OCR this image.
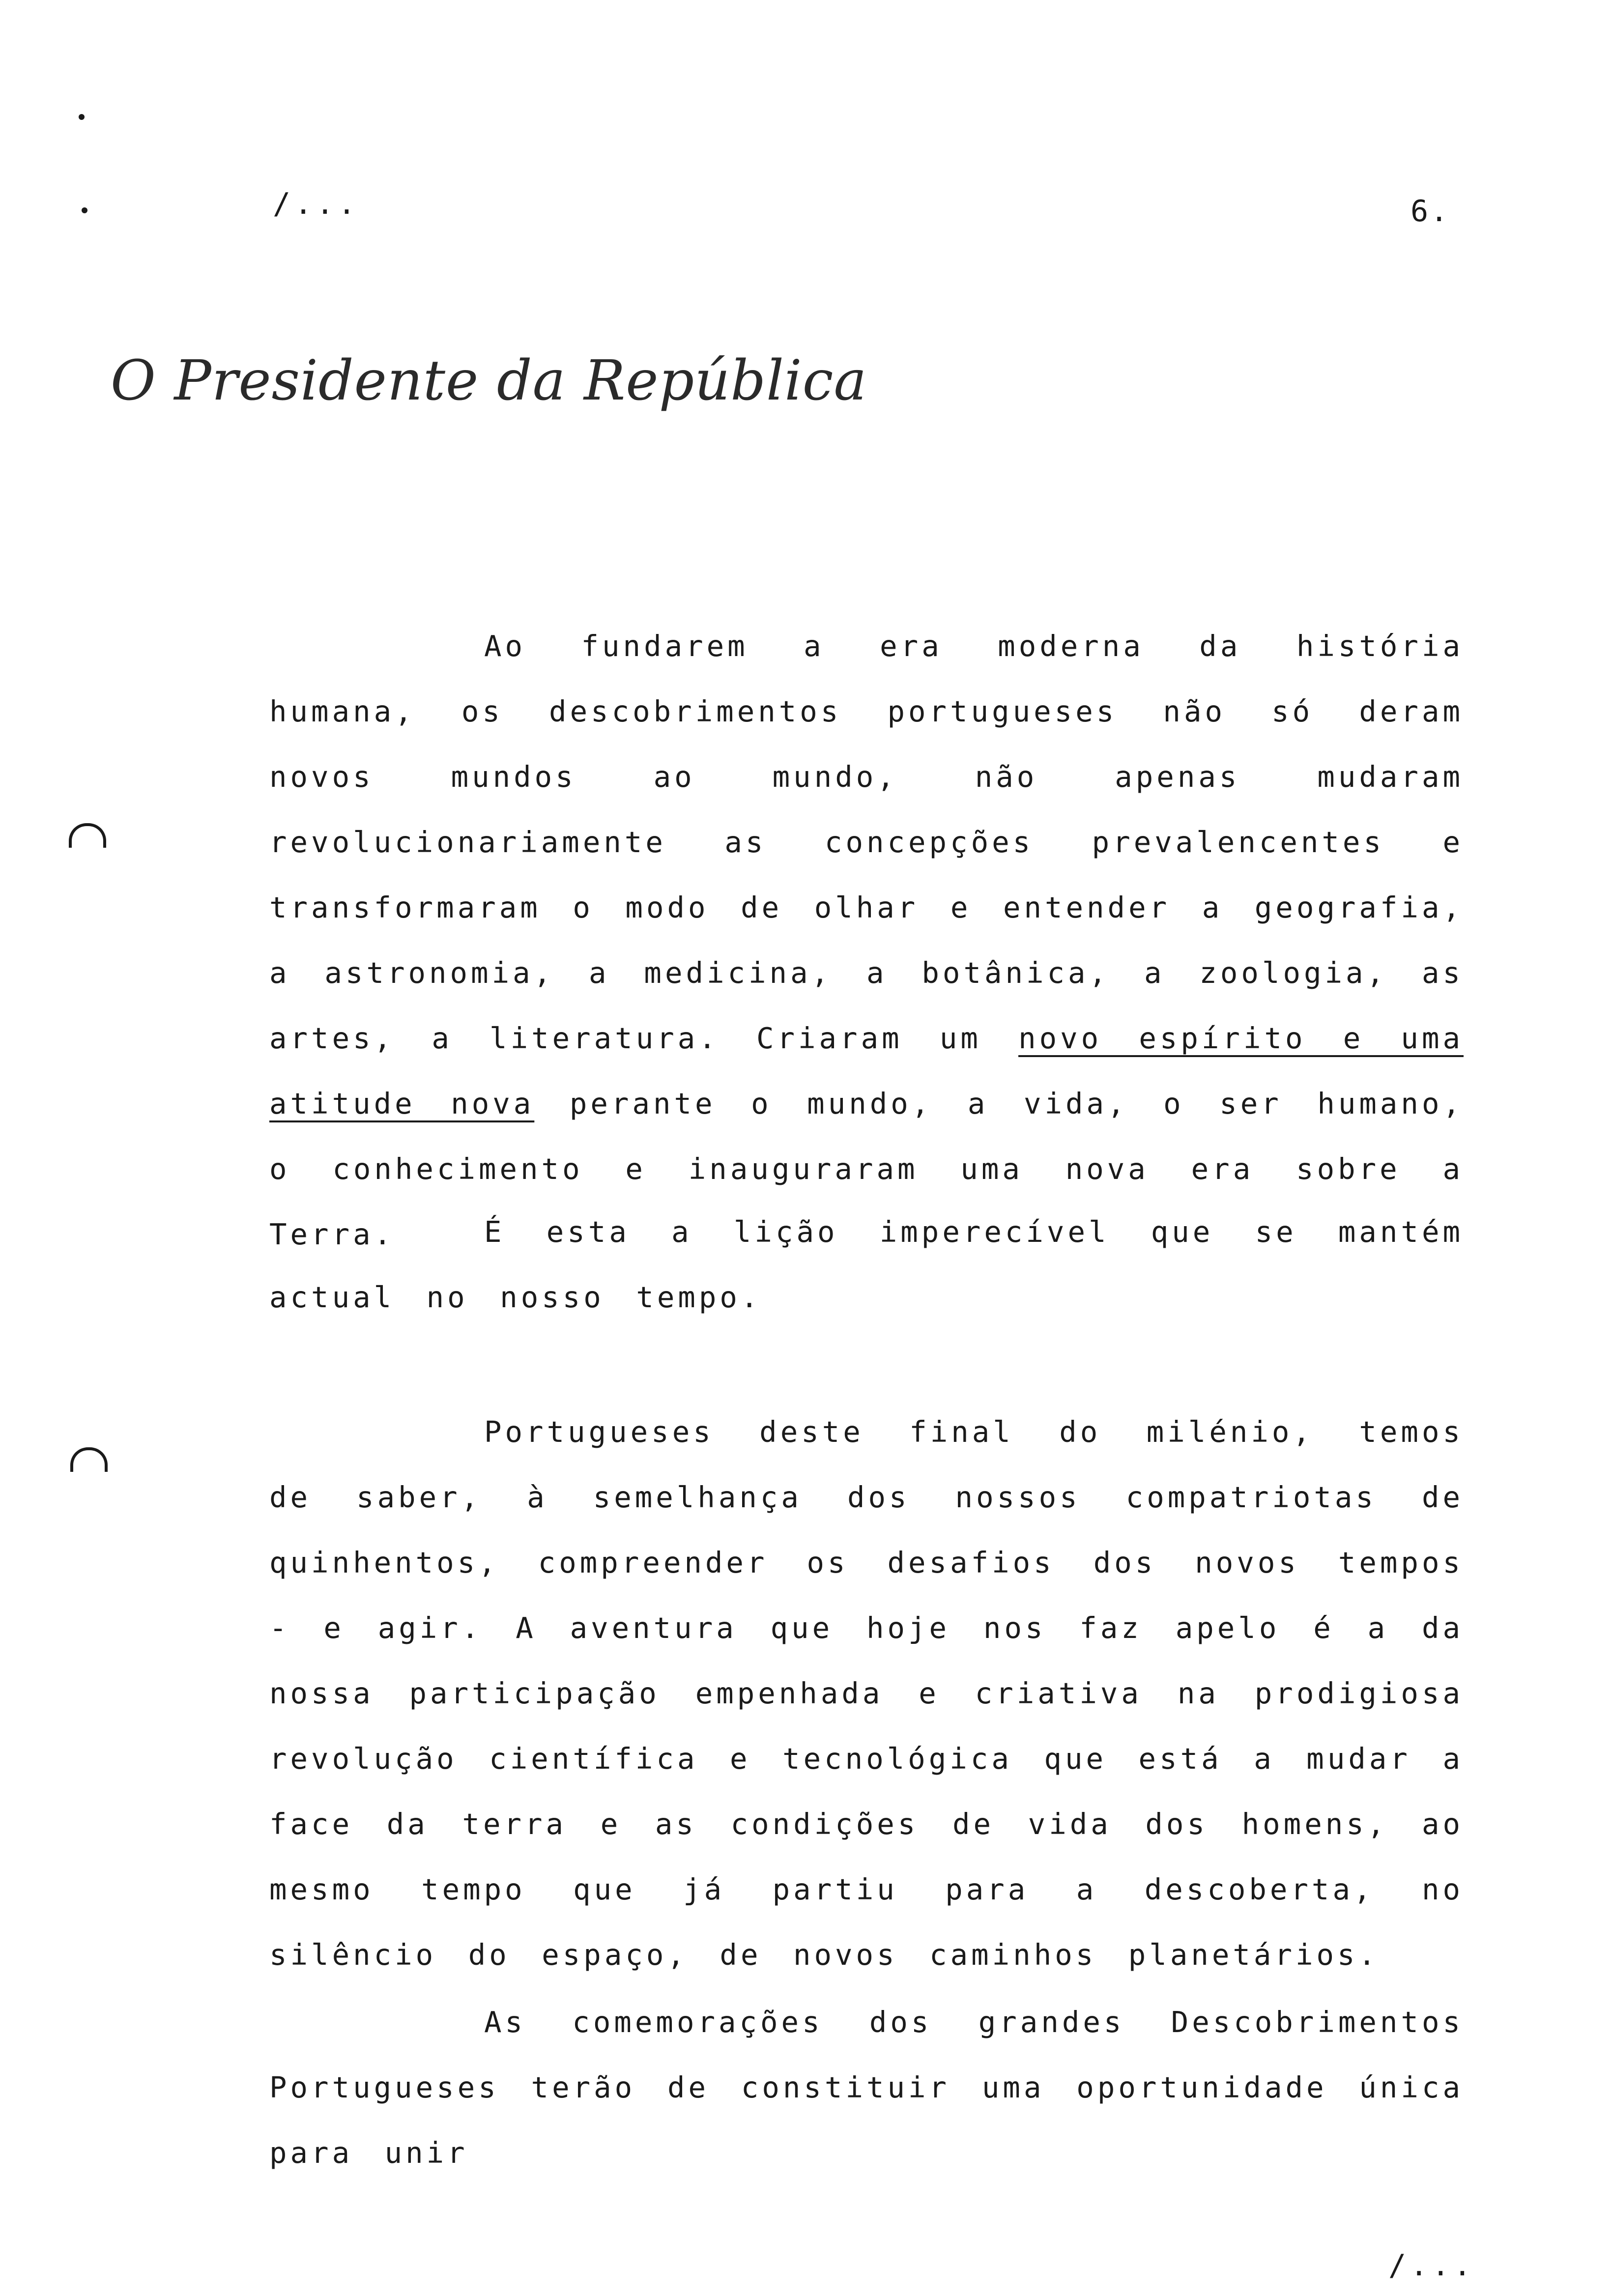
/...	6.
O Presidente da República

Ao fundarem a era moderna da história humana, os descobrimentos portugueses não só deram novos mundos ao mundo, não apenas mudaram revolucionariamente as concepções prevalencentes e transformaram o modo de olhar e entender a geografia, a astronomia, a medicina, a botânica, a zoologia, as artes, a literatura. Criaram um novo espírito e uma atitude nova perante o mundo, a vida, o ser humano, o conhecimento e inauguraram uma nova era sobre a Terra.	É esta a lição imperecível que se mantém actual no nosso tempo.

Portugueses deste final do milénio, temos de saber, à semelhança dos nossos compatriotas de quinhentos, compreender os desafios dos novos tempos - e agir. A aventura que hoje nos faz apelo é a da nossa participação empenhada e criativa na prodigiosa revolução científica e tecnológica que está a mudar a face da terra e as condições de vida dos homens, ao mesmo tempo que já partiu para a descoberta, no silêncio do espaço, de novos caminhos planetários.

As comemorações dos grandes Descobrimentos Portugueses terão de constituir uma oportunidade única para unir

/...
